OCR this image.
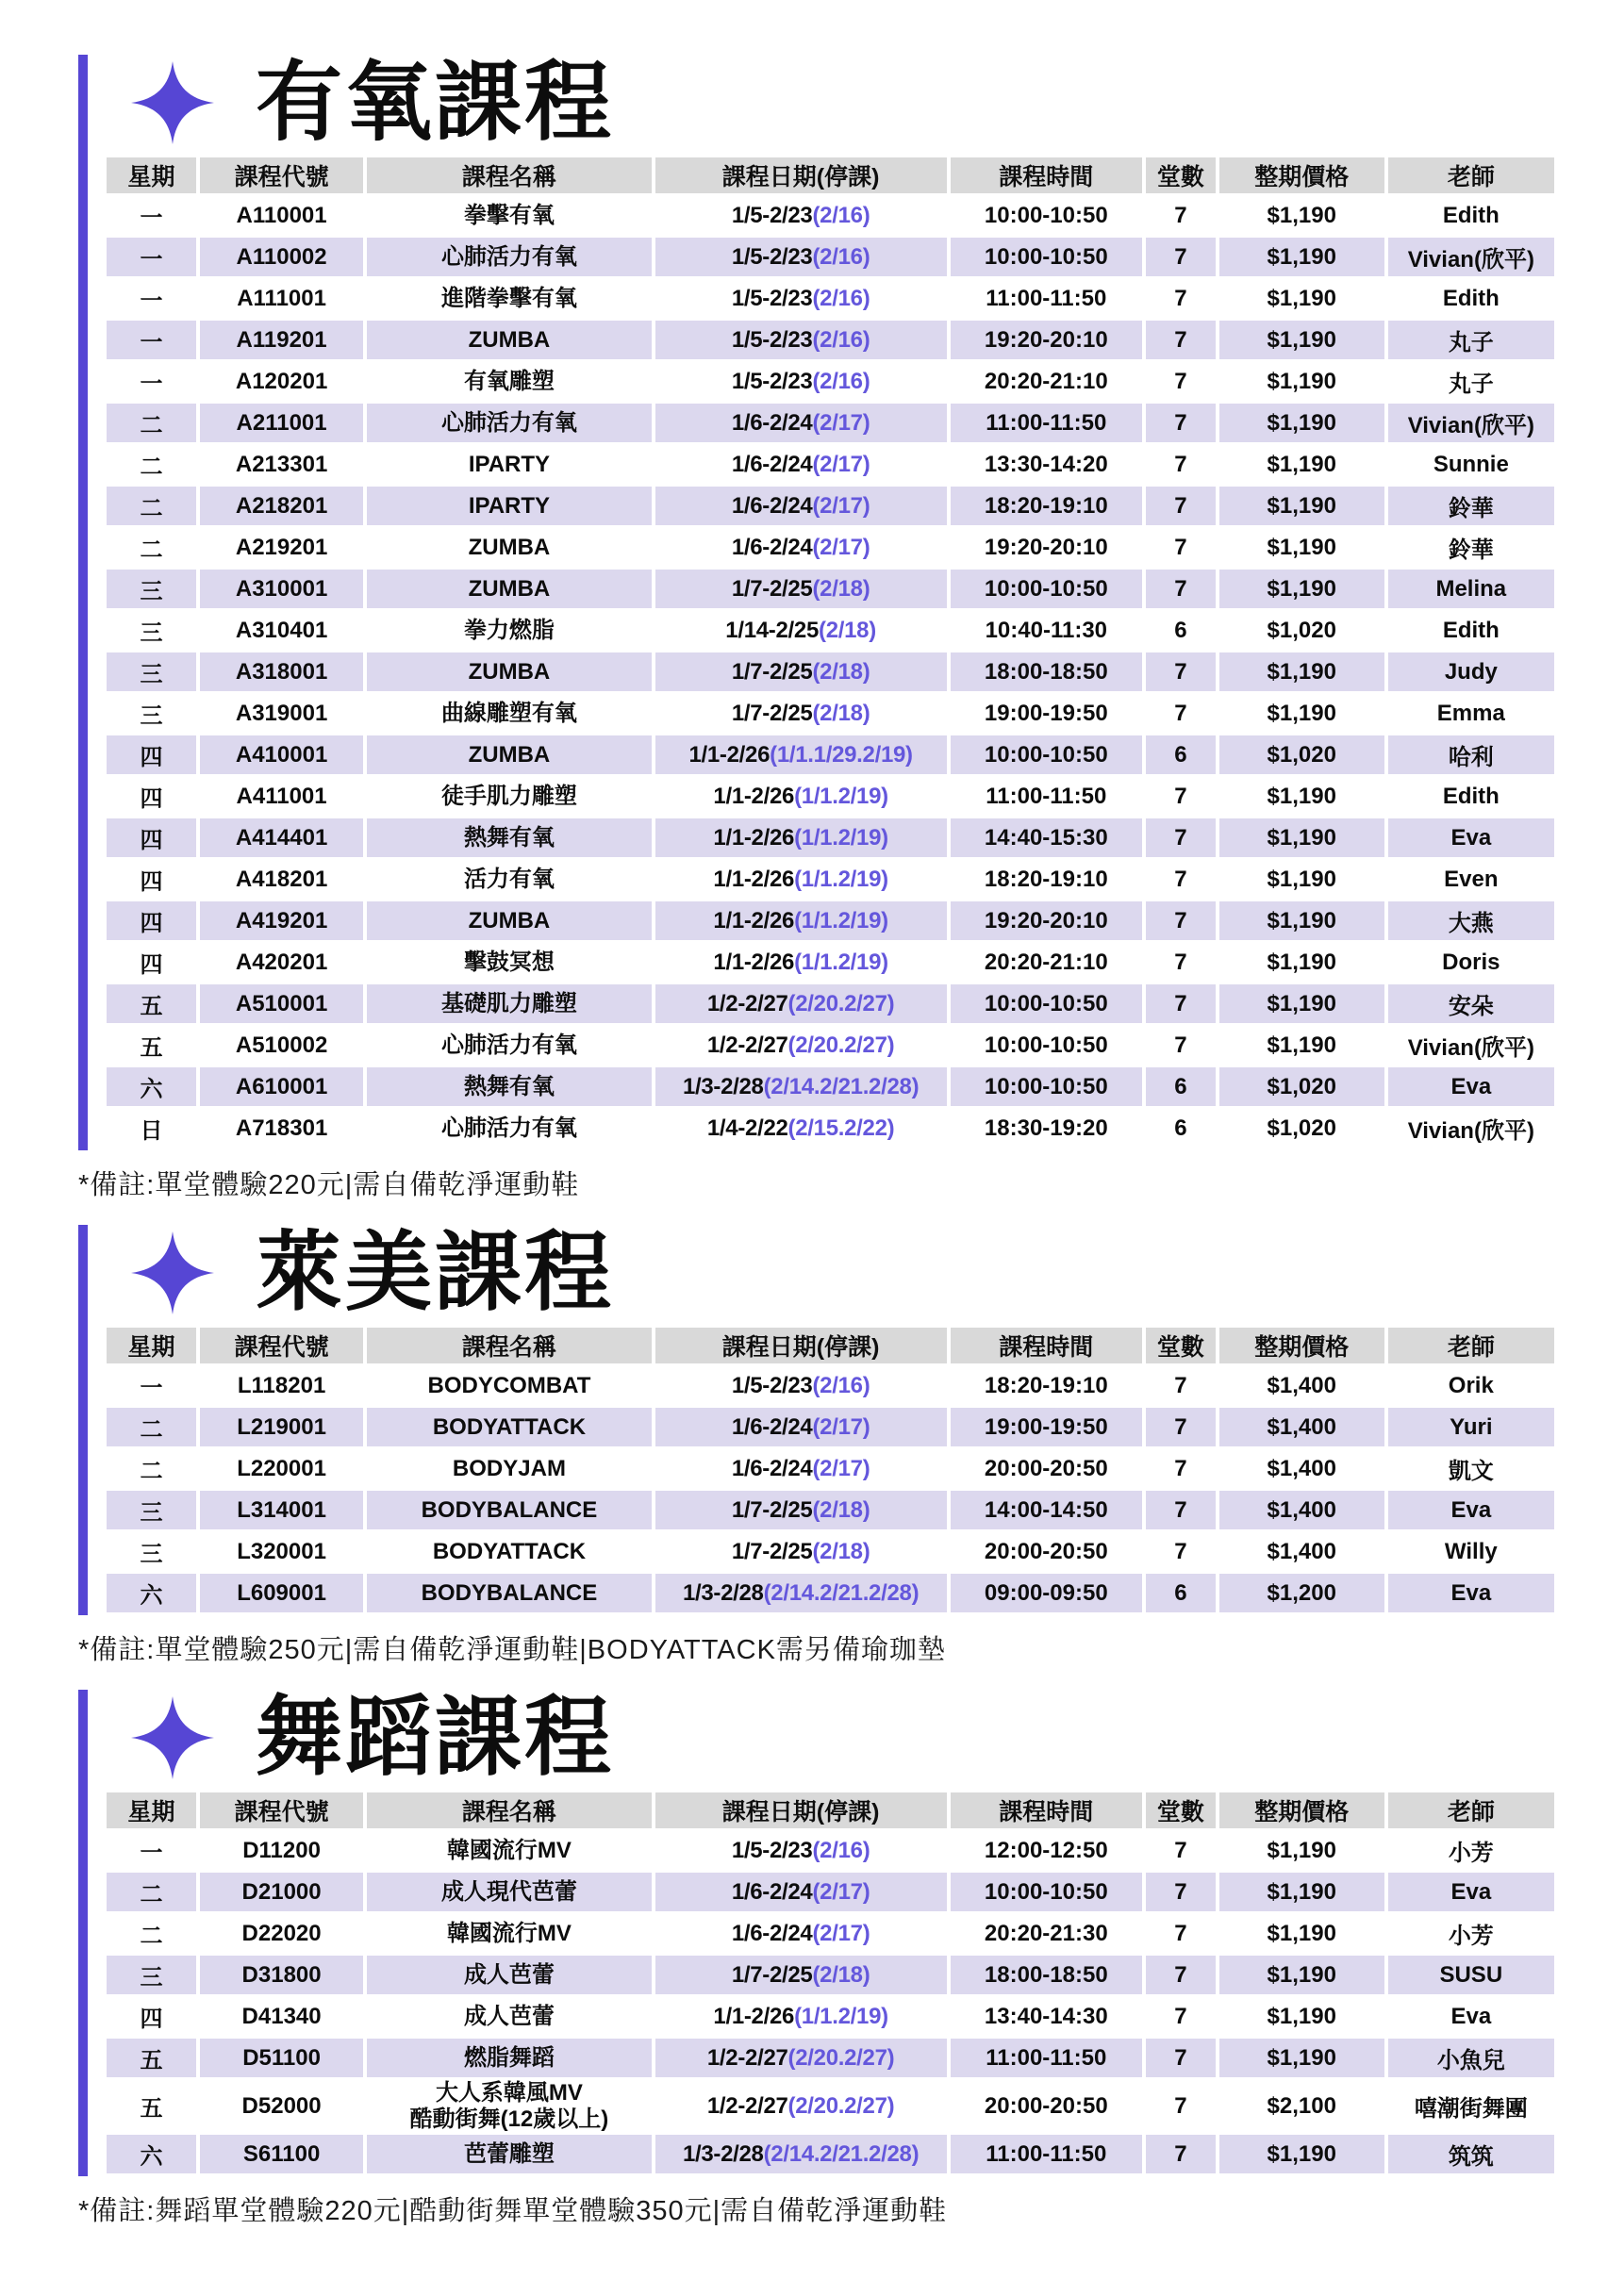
有氧課程
星期	課程代號	課程名稱	課程日期(停課)	課程時間	堂數	整期價格	老師
一	A110001	拳擊有氧	1/5-2/23(2/16)	10:00-10:50	7	$1,190	Edith
一	A110002	心肺活力有氧	1/5-2/23(2/16)	10:00-10:50	7	$1,190	Vivian(欣平)
一	A111001	進階拳擊有氧	1/5-2/23(2/16)	11:00-11:50	7	$1,190	Edith
一	A119201	ZUMBA	1/5-2/23(2/16)	19:20-20:10	7	$1,190	丸子
一	A120201	有氧雕塑	1/5-2/23(2/16)	20:20-21:10	7	$1,190	丸子
二	A211001	心肺活力有氧	1/6-2/24(2/17)	11:00-11:50	7	$1,190	Vivian(欣平)
二	A213301	IPARTY	1/6-2/24(2/17)	13:30-14:20	7	$1,190	Sunnie
二	A218201	IPARTY	1/6-2/24(2/17)	18:20-19:10	7	$1,190	鈴華
二	A219201	ZUMBA	1/6-2/24(2/17)	19:20-20:10	7	$1,190	鈴華
三	A310001	ZUMBA	1/7-2/25(2/18)	10:00-10:50	7	$1,190	Melina
三	A310401	拳力燃脂	1/14-2/25(2/18)	10:40-11:30	6	$1,020	Edith
三	A318001	ZUMBA	1/7-2/25(2/18)	18:00-18:50	7	$1,190	Judy
三	A319001	曲線雕塑有氧	1/7-2/25(2/18)	19:00-19:50	7	$1,190	Emma
四	A410001	ZUMBA	1/1-2/26(1/1.1/29.2/19)	10:00-10:50	6	$1,020	哈利
四	A411001	徒手肌力雕塑	1/1-2/26(1/1.2/19)	11:00-11:50	7	$1,190	Edith
四	A414401	熱舞有氧	1/1-2/26(1/1.2/19)	14:40-15:30	7	$1,190	Eva
四	A418201	活力有氧	1/1-2/26(1/1.2/19)	18:20-19:10	7	$1,190	Even
四	A419201	ZUMBA	1/1-2/26(1/1.2/19)	19:20-20:10	7	$1,190	大燕
四	A420201	擊鼓冥想	1/1-2/26(1/1.2/19)	20:20-21:10	7	$1,190	Doris
五	A510001	基礎肌力雕塑	1/2-2/27(2/20.2/27)	10:00-10:50	7	$1,190	安朵
五	A510002	心肺活力有氧	1/2-2/27(2/20.2/27)	10:00-10:50	7	$1,190	Vivian(欣平)
六	A610001	熱舞有氧	1/3-2/28(2/14.2/21.2/28)	10:00-10:50	6	$1,020	Eva
日	A718301	心肺活力有氧	1/4-2/22(2/15.2/22)	18:30-19:20	6	$1,020	Vivian(欣平)

*備註:單堂體驗220元|需自備乾淨運動鞋

萊美課程
星期	課程代號	課程名稱	課程日期(停課)	課程時間	堂數	整期價格	老師
一	L118201	BODYCOMBAT	1/5-2/23(2/16)	18:20-19:10	7	$1,400	Orik
二	L219001	BODYATTACK	1/6-2/24(2/17)	19:00-19:50	7	$1,400	Yuri
二	L220001	BODYJAM	1/6-2/24(2/17)	20:00-20:50	7	$1,400	凱文
三	L314001	BODYBALANCE	1/7-2/25(2/18)	14:00-14:50	7	$1,400	Eva
三	L320001	BODYATTACK	1/7-2/25(2/18)	20:00-20:50	7	$1,400	Willy
六	L609001	BODYBALANCE	1/3-2/28(2/14.2/21.2/28)	09:00-09:50	6	$1,200	Eva

*備註:單堂體驗250元|需自備乾淨運動鞋|BODYATTACK需另備瑜珈墊

舞蹈課程
星期	課程代號	課程名稱	課程日期(停課)	課程時間	堂數	整期價格	老師
一	D11200	韓國流行MV	1/5-2/23(2/16)	12:00-12:50	7	$1,190	小芳
二	D21000	成人現代芭蕾	1/6-2/24(2/17)	10:00-10:50	7	$1,190	Eva
二	D22020	韓國流行MV	1/6-2/24(2/17)	20:20-21:30	7	$1,190	小芳
三	D31800	成人芭蕾	1/7-2/25(2/18)	18:00-18:50	7	$1,190	SUSU
四	D41340	成人芭蕾	1/1-2/26(1/1.2/19)	13:40-14:30	7	$1,190	Eva
五	D51100	燃脂舞蹈	1/2-2/27(2/20.2/27)	11:00-11:50	7	$1,190	小魚兒
五	D52000	大人系韓風MV
酷動街舞(12歲以上)	1/2-2/27(2/20.2/27)	20:00-20:50	7	$2,100	嘻潮街舞團
六	S61100	芭蕾雕塑	1/3-2/28(2/14.2/21.2/28)	11:00-11:50	7	$1,190	筑筑

*備註:舞蹈單堂體驗220元|酷動街舞單堂體驗350元|需自備乾淨運動鞋
